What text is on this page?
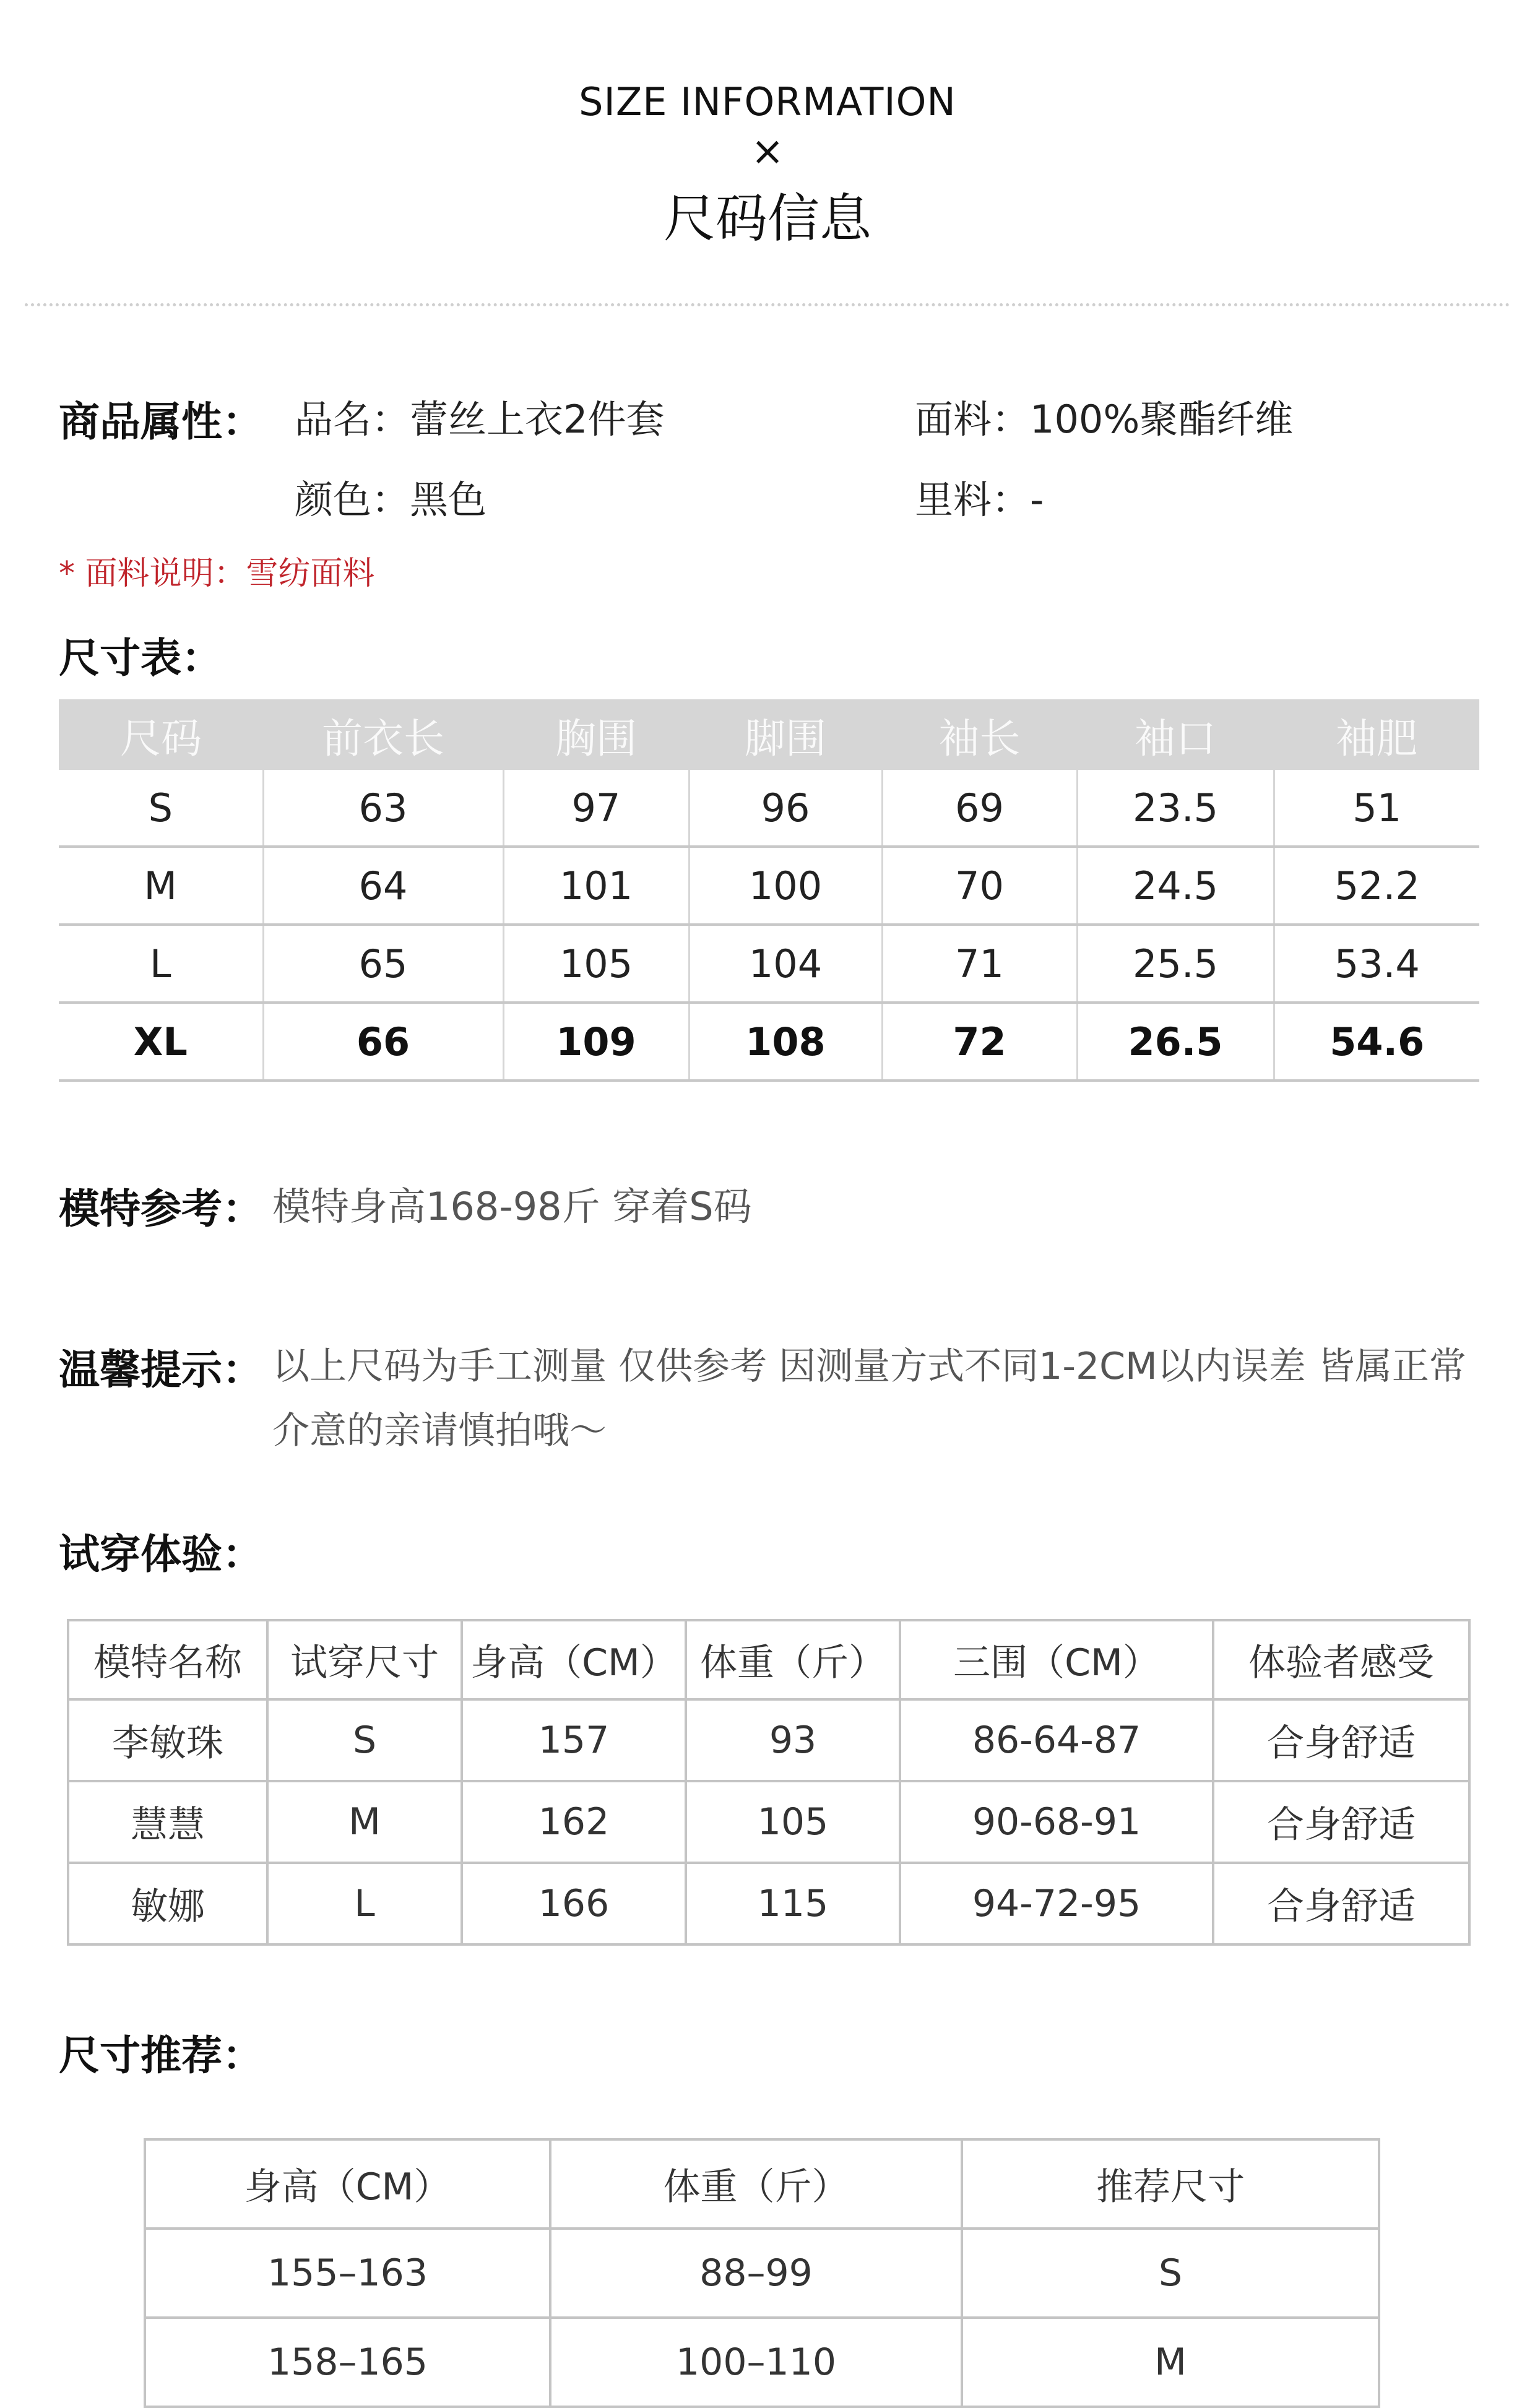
SIZE INFORMATION
×
尺码信息
商品属性： 品名：蕾丝上衣2件套	面料：100%聚酯纤维
颜色：黑色	里料：-
* 面料说明：雪纺面料
尺寸表：
尺码	前衣长	胸围	脚围	袖长	袖口	袖肥
S	63	97	96	69	23.5	51
M	64	101	100	70	24.5	52.2
L	65	105	104	71	25.5	53.4
XL	66	109	108	72	26.5	54.6
模特参考： 模特身高168-98斤 穿着S码
温馨提示： 以上尺码为手工测量 仅供参考 因测量方式不同1-2CM以内误差 皆属正常
介意的亲请慎拍哦～
试穿体验：
模特名称	试穿尺寸	身高（CM）	体重（斤）	三围（CM）	体验者感受
李敏珠	S	157	93	86-64-87	合身舒适
慧慧	M	162	105	90-68-91	合身舒适
敏娜	L	166	115	94-72-95	合身舒适
尺寸推荐：
身高（CM）	体重（斤）	推荐尺寸
155–163	88–99	S
158–165	100–110	M
